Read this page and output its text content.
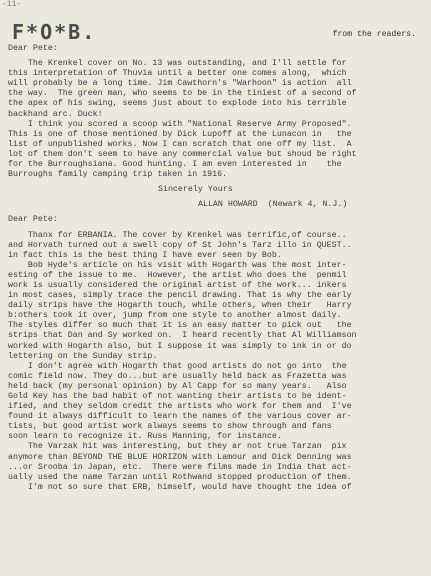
-11-
F*O*B.	from the readers.
Dear Pete:
The Krenkel cover on No. 13 was outstanding, and I'll settle for
this interpretation of Thuvia until a better one comes along,  which
will probably be a long time. Jim Cawthorn's "Warhoon" is action  all
the way.  The green man, who seems to be in the tiniest of a second of
the apex of his swing, seems just about to explode into his terrible
backhand arc. Duck!
I think you scored a scoop with "National Reserve Army Proposed".
This is one of those mentioned by Dick Lupoff at the Lunacon in   the
list of unpublished works. Now I can scratch that one off my list.  A
lot of them don't seem to have any commercial value but shoud be right
for the Burroughsiana. Good hunting. I am even interested in    the
Burroughs family camping trip taken in 1916.
Sincerely Yours
ALLAN HOWARD  (Newark 4, N.J.)
Dear Pete:
Thanx for ERBANIA. The cover by Krenkel was terrific,of course..
and Horvath turned out a swell copy of St John's Tarz illo in QUEST..
in fact this is the best thing I have ever seen by Bob.
Bob Hyde's article on his visit with Hogarth was the most inter-
esting of the issue to me.  However, the artist who does the  penmil
work is usually considered the original artist of the work... inkers
in most cases, simply trace the pencil drawing. That is why the early
daily strips have the Hogarth touch, while others, when their   Harry
b:others took it over, jump from one style to another almost daily.
The styles differ so much that it is an easy matter to pick out   the
strips that Dan and Sy worked on.  I heard recently that Al Williamson
worked with Hogarth also, but I suppose it was simply to ink in or do
lettering on the Sunday strip.
I don't agree with Hogarth that good artists do not go into  the
comic field now. They do...but are usually held back as Frazetta was
held back (my personal opinion) by Al Capp for so many years.   Also
Gold Key has the bad habit of not wanting their artists to be ident-
ified, and they seldom credit the artists who work for them and  I've
found it always difficult to learn the names of the various cover ar-
tists, but good artist work always seems to show through and fans
soon learn to recognize it. Russ Manning, for instance.
The Varzak hit was interesting, but they ar not true Tarzan  pix
anymore than BEYOND THE BLUE HORIZON with Lamour and Dick Denning was
...or Srooba in Japan, etc.  There were films made in India that act-
ually used the name Tarzan until Rothwand stopped production of them.
I'm not so sure that ERB, himself, would have thought the idea of
